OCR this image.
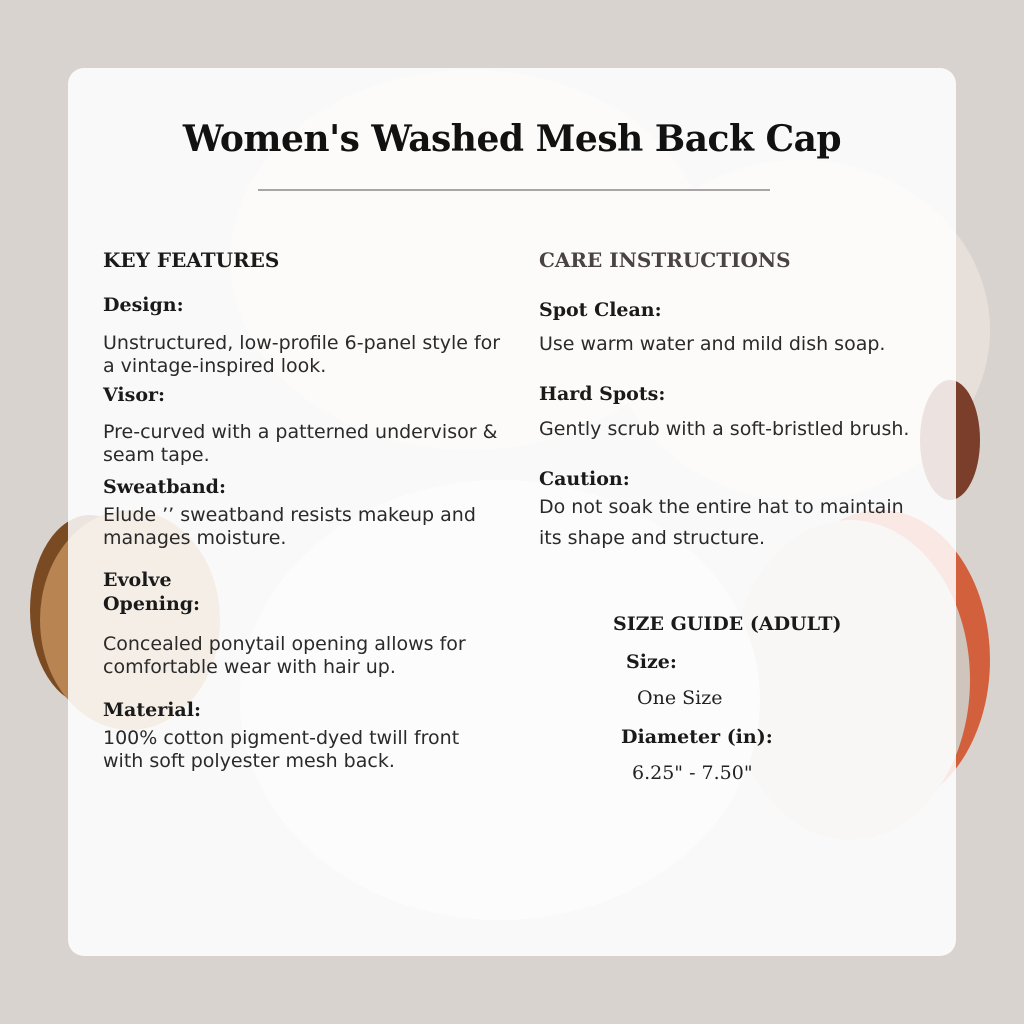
Women's Washed Mesh Back Cap
KEY FEATURES
Design:
Unstructured, low-profile 6-panel style for a vintage-inspired look.
Visor:
Pre-curved with a patterned undervisor & seam tape.
Sweatband:
Elude ’’ sweatband resists makeup and manages moisture.
Evolve Opening:
Concealed ponytail opening allows for comfortable wear with hair up.
Material:
100% cotton pigment-dyed twill front with soft polyester mesh back.
CARE INSTRUCTIONS
Spot Clean:
Use warm water and mild dish soap.
Hard Spots:
Gently scrub with a soft-bristled brush.
Caution:
Do not soak the entire hat to maintain its shape and structure.
SIZE GUIDE (ADULT)
Size:
One Size
Diameter (in):
6.25" - 7.50"
